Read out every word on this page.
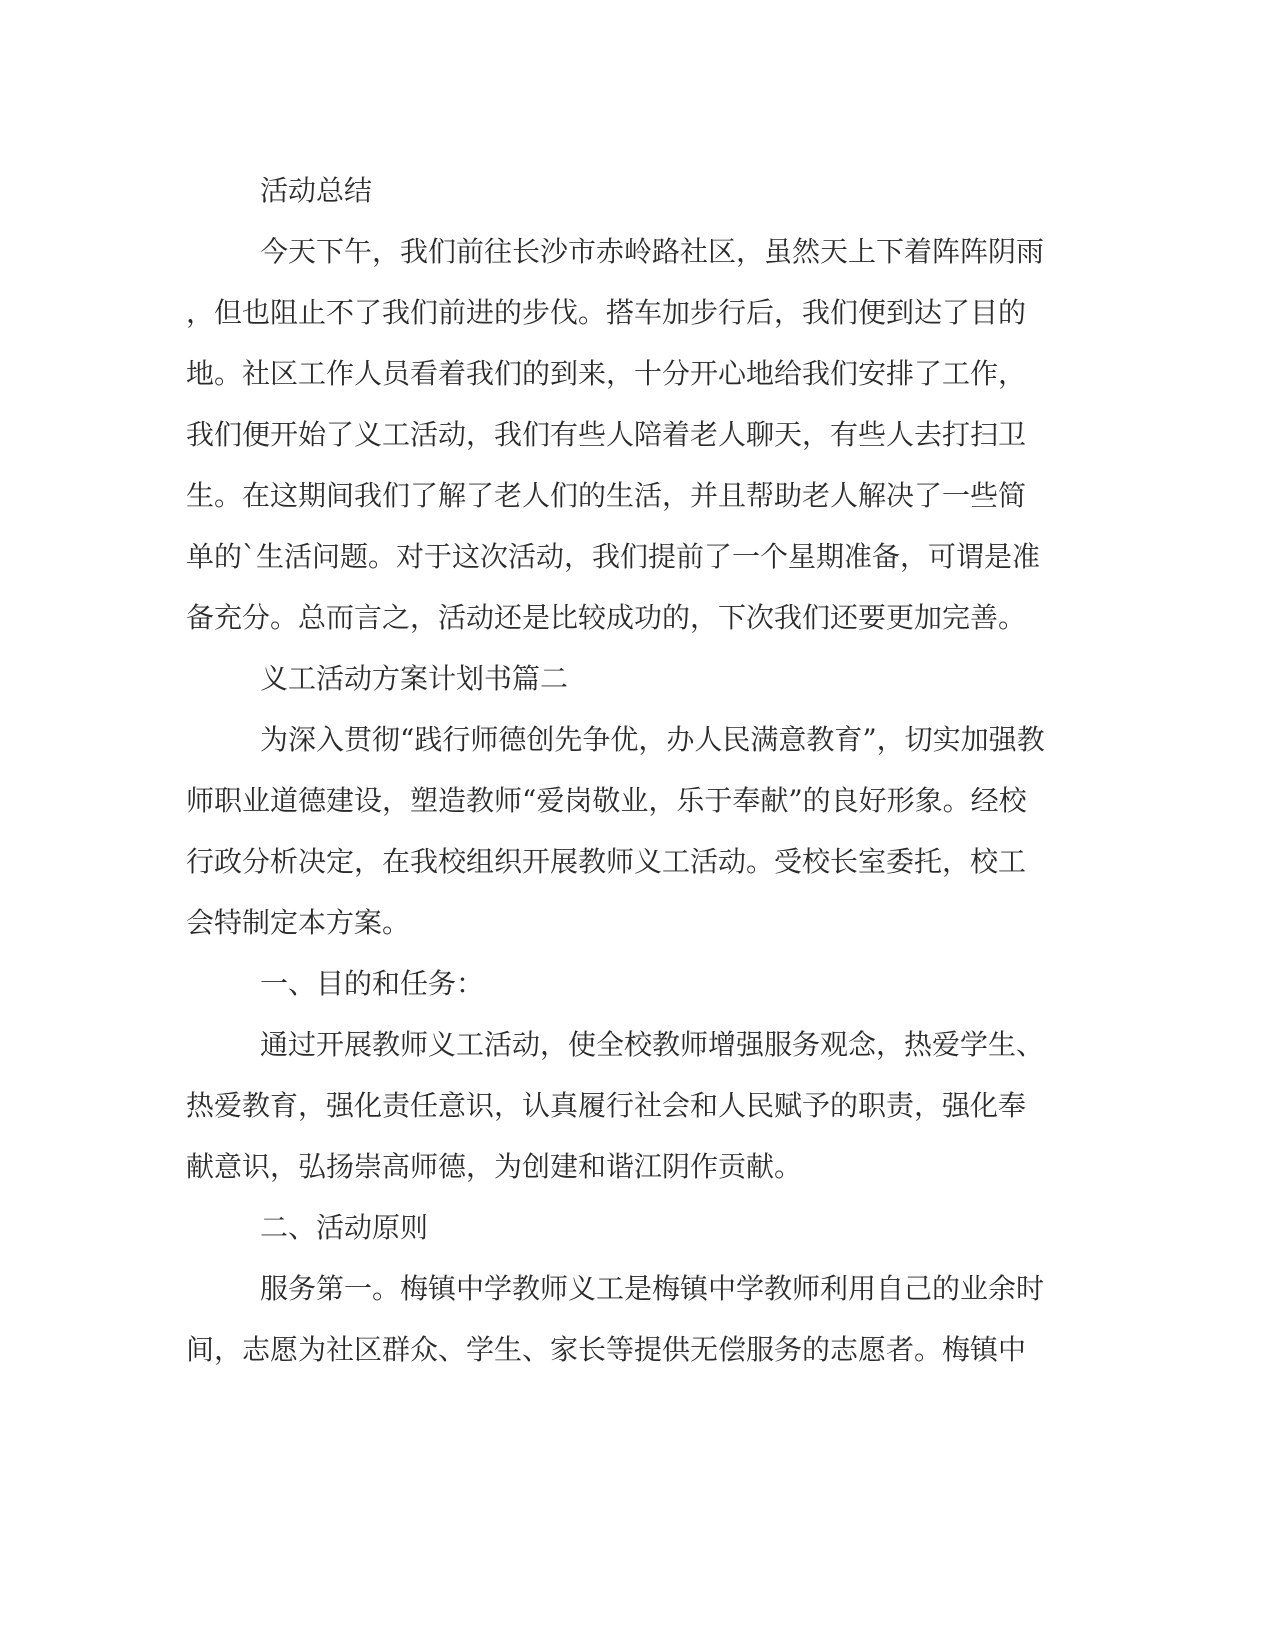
活动总结
今天下午，我们前往长沙市赤岭路社区，虽然天上下着阵阵阴雨
，但也阻止不了我们前进的步伐。搭车加步行后，我们便到达了目的
地。社区工作人员看着我们的到来，十分开心地给我们安排了工作，
我们便开始了义工活动，我们有些人陪着老人聊天，有些人去打扫卫
生。在这期间我们了解了老人们的生活，并且帮助老人解决了一些简
单的`生活问题。对于这次活动，我们提前了一个星期准备，可谓是准
备充分。总而言之，活动还是比较成功的，下次我们还要更加完善。
义工活动方案计划书篇二
为深入贯彻“践行师德创先争优，办人民满意教育”，切实加强教
师职业道德建设，塑造教师“爱岗敬业，乐于奉献”的良好形象。经校
行政分析决定，在我校组织开展教师义工活动。受校长室委托，校工
会特制定本方案。
一、目的和任务：
通过开展教师义工活动，使全校教师增强服务观念，热爱学生、
热爱教育，强化责任意识，认真履行社会和人民赋予的职责，强化奉
献意识，弘扬崇高师德，为创建和谐江阴作贡献。
二、活动原则
服务第一。梅镇中学教师义工是梅镇中学教师利用自己的业余时
间，志愿为社区群众、学生、家长等提供无偿服务的志愿者。梅镇中
